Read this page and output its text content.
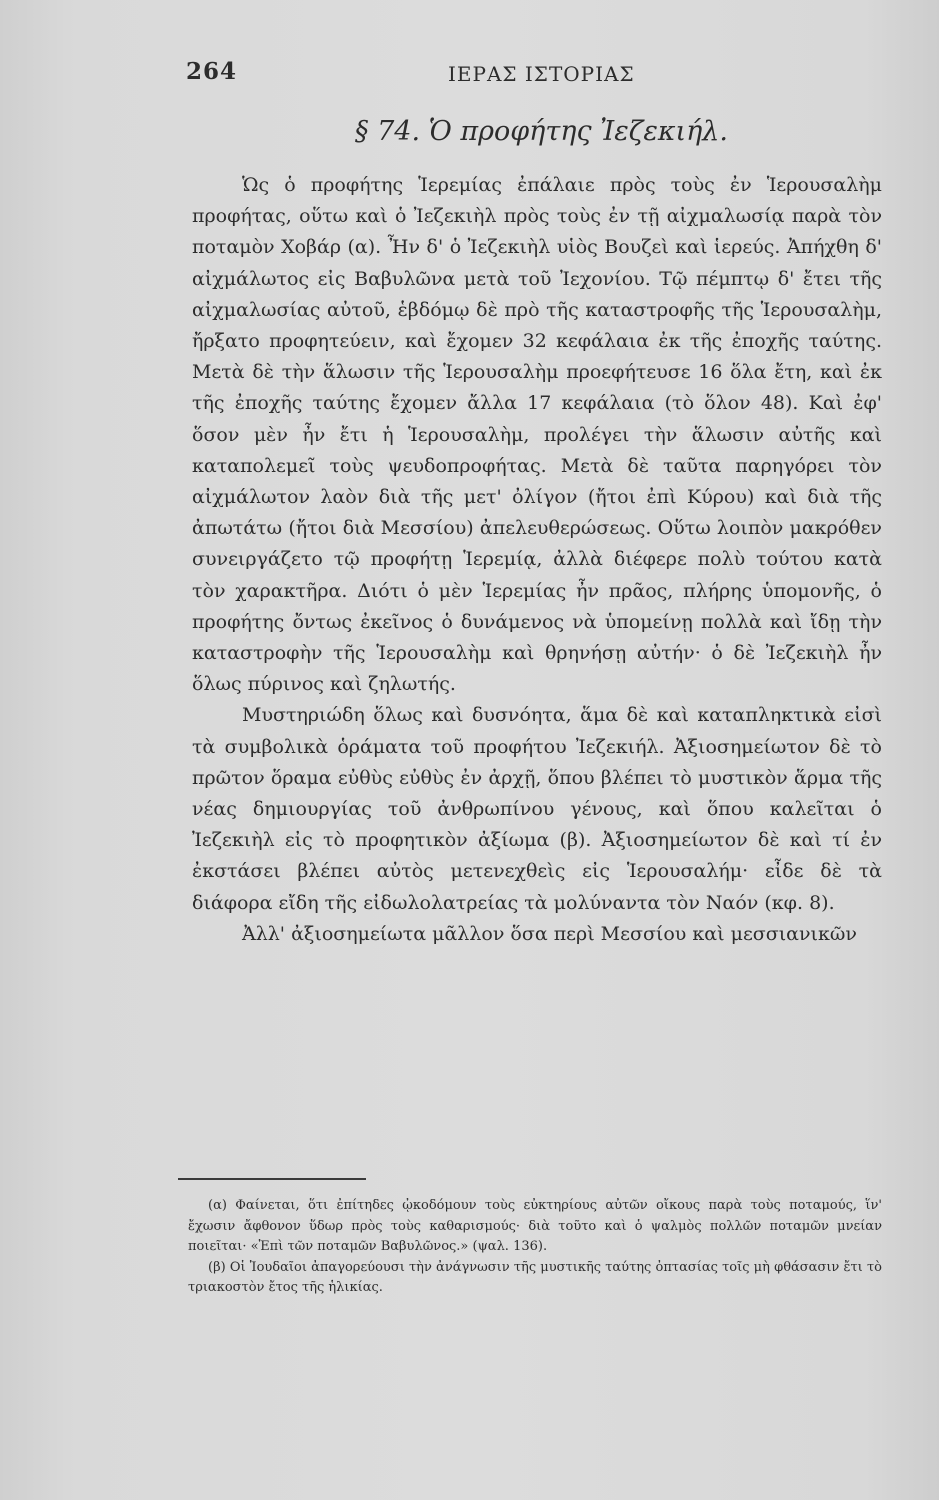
264	ΙΕΡΑΣ ΙΣΤΟΡΙΑΣ
§ 74. Ὁ προφήτης Ἰεζεκιήλ.

Ὡς ὁ προφήτης Ἱερεμίας ἐπάλαιε πρὸς τοὺς ἐν Ἱερουσαλὴμ προφήτας, οὕτω καὶ ὁ Ἰεζεκιὴλ πρὸς τοὺς ἐν τῇ αἰχμαλωσίᾳ παρὰ τὸν ποταμὸν Χοβάρ (α). Ἦν δ' ὁ Ἰεζεκιὴλ υἱὸς Βουζεὶ καὶ ἱερεύς. Ἀπήχθη δ' αἰχμάλωτος εἰς Βαβυλῶνα μετὰ τοῦ Ἰεχονίου. Τῷ πέμπτῳ δ' ἔτει τῆς αἰχμαλωσίας αὐτοῦ, ἑβδόμῳ δὲ πρὸ τῆς καταστροφῆς τῆς Ἱερουσαλὴμ, ἤρξατο προφητεύειν, καὶ ἔχομεν 32 κεφάλαια ἐκ τῆς ἐποχῆς ταύτης. Μετὰ δὲ τὴν ἅλωσιν τῆς Ἱερουσαλὴμ προεφήτευσε 16 ὅλα ἔτη, καὶ ἐκ τῆς ἐποχῆς ταύτης ἔχομεν ἄλλα 17 κεφάλαια (τὸ ὅλον 48). Καὶ ἐφ' ὅσον μὲν ἦν ἔτι ἡ Ἱερουσαλὴμ, προλέγει τὴν ἅλωσιν αὐτῆς καὶ καταπολεμεῖ τοὺς ψευδοπροφήτας. Μετὰ δὲ ταῦτα παρηγόρει τὸν αἰχμάλωτον λαὸν διὰ τῆς μετ' ὀλίγον (ἤτοι ἐπὶ Κύρου) καὶ διὰ τῆς ἀπωτάτω (ἤτοι διὰ Μεσσίου) ἀπελευθερώσεως. Οὕτω λοιπὸν μακρόθεν συνειργάζετο τῷ προφήτῃ Ἱερεμίᾳ, ἀλλὰ διέφερε πολὺ τούτου κατὰ τὸν χαρακτῆρα. Διότι ὁ μὲν Ἱερεμίας ἦν πρᾶος, πλήρης ὑπομονῆς, ὁ προφήτης ὄντως ἐκεῖνος ὁ δυνάμενος νὰ ὑπομείνῃ πολλὰ καὶ ἴδῃ τὴν καταστροφὴν τῆς Ἱερουσαλὴμ καὶ θρηνήσῃ αὐτήν· ὁ δὲ Ἰεζεκιὴλ ἦν ὅλως πύρινος καὶ ζηλωτής.

Μυστηριώδη ὅλως καὶ δυσνόητα, ἅμα δὲ καὶ καταπληκτικὰ εἰσὶ τὰ συμβολικὰ ὁράματα τοῦ προφήτου Ἰεζεκιήλ. Ἀξιοσημείωτον δὲ τὸ πρῶτον ὅραμα εὐθὺς εὐθὺς ἐν ἀρχῇ, ὅπου βλέπει τὸ μυστικὸν ἅρμα τῆς νέας δημιουργίας τοῦ ἀνθρωπίνου γένους, καὶ ὅπου καλεῖται ὁ Ἰεζεκιὴλ εἰς τὸ προφητικὸν ἀξίωμα (β). Ἀξιοσημείωτον δὲ καὶ τί ἐν ἐκστάσει βλέπει αὐτὸς μετενεχθεὶς εἰς Ἱερουσαλήμ· εἶδε δὲ τὰ διάφορα εἴδη τῆς εἰδωλολατρείας τὰ μολύναντα τὸν Ναόν (κφ. 8).

Ἀλλ' ἀξιοσημείωτα μᾶλλον ὅσα περὶ Μεσσίου καὶ μεσσιανικῶν

(α) Φαίνεται, ὅτι ἐπίτηδες ᾠκοδόμουν τοὺς εὐκτηρίους αὐτῶν οἴκους παρὰ τοὺς ποταμούς, ἵν' ἔχωσιν ἄφθονον ὕδωρ πρὸς τοὺς καθαρισμούς· διὰ τοῦτο καὶ ὁ ψαλμὸς πολλῶν ποταμῶν μνείαν ποιεῖται· «Ἐπὶ τῶν ποταμῶν Βαβυλῶνος.» (ψαλ. 136).

(β) Οἱ Ἰουδαῖοι ἀπαγορεύουσι τὴν ἀνάγνωσιν τῆς μυστικῆς ταύτης ὀπτασίας τοῖς μὴ φθάσασιν ἔτι τὸ τριακοστὸν ἔτος τῆς ἡλικίας.
